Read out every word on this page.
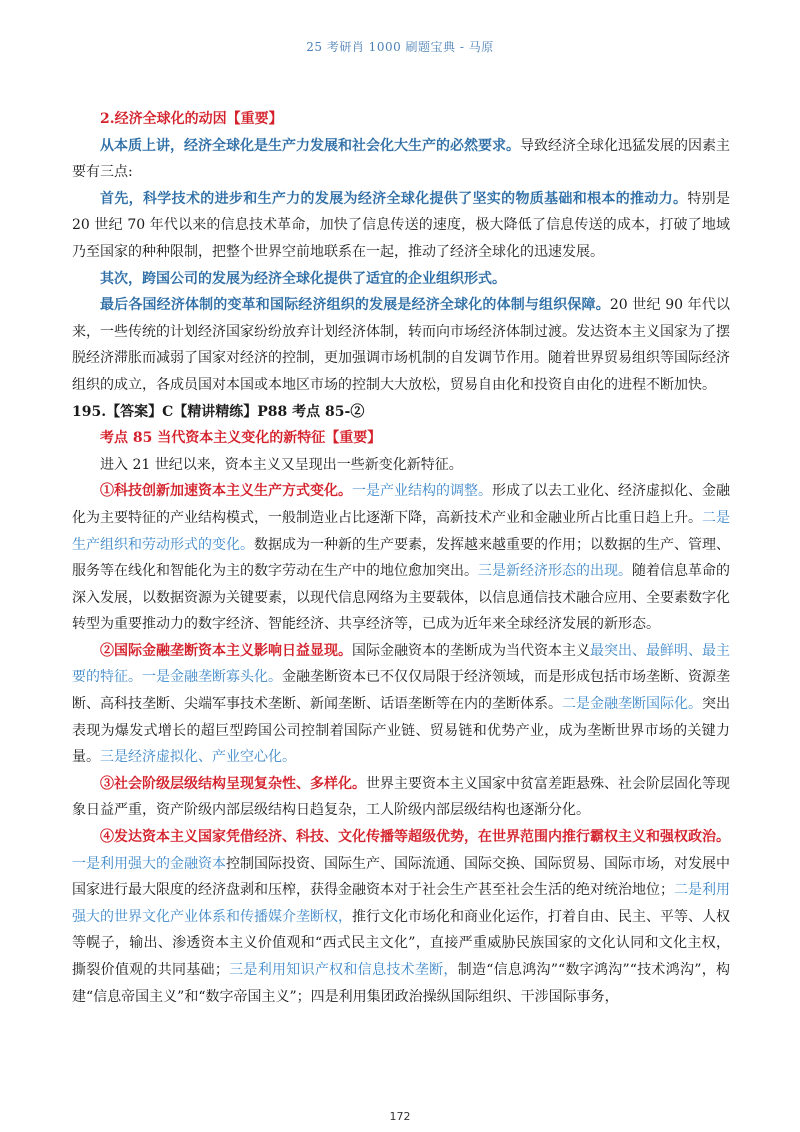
25 考研肖 1000 刷题宝典 - 马原

2.经济全球化的动因【重要】

从本质上讲，经济全球化是生产力发展和社会化大生产的必然要求。导致经济全球化迅猛发展的因素主要有三点:

首先，科学技术的进步和生产力的发展为经济全球化提供了坚实的物质基础和根本的推动力。特别是 20 世纪 70 年代以来的信息技术革命，加快了信息传送的速度，极大降低了信息传送的成本，打破了地域乃至国家的种种限制，把整个世界空前地联系在一起，推动了经济全球化的迅速发展。

其次，跨国公司的发展为经济全球化提供了适宜的企业组织形式。

最后各国经济体制的变革和国际经济组织的发展是经济全球化的体制与组织保障。20 世纪 90 年代以来，一些传统的计划经济国家纷纷放弃计划经济体制，转而向市场经济体制过渡。发达资本主义国家为了摆脱经济滞胀而减弱了国家对经济的控制，更加强调市场机制的自发调节作用。随着世界贸易组织等国际经济组织的成立，各成员国对本国或本地区市场的控制大大放松，贸易自由化和投资自由化的进程不断加快。

195.【答案】C【精讲精练】P88 考点 85-②

考点 85 当代资本主义变化的新特征【重要】

进入 21 世纪以来，资本主义又呈现出一些新变化新特征。

①科技创新加速资本主义生产方式变化。一是产业结构的调整。形成了以去工业化、经济虚拟化、金融化为主要特征的产业结构模式，一般制造业占比逐渐下降，高新技术产业和金融业所占比重日趋上升。二是生产组织和劳动形式的变化。数据成为一种新的生产要素，发挥越来越重要的作用；以数据的生产、管理、服务等在线化和智能化为主的数字劳动在生产中的地位愈加突出。三是新经济形态的出现。随着信息革命的深入发展，以数据资源为关键要素，以现代信息网络为主要载体，以信息通信技术融合应用、全要素数字化转型为重要推动力的数字经济、智能经济、共享经济等，已成为近年来全球经济发展的新形态。

②国际金融垄断资本主义影响日益显现。国际金融资本的垄断成为当代资本主义最突出、最鲜明、最主要的特征。一是金融垄断寡头化。金融垄断资本已不仅仅局限于经济领域，而是形成包括市场垄断、资源垄断、高科技垄断、尖端军事技术垄断、新闻垄断、话语垄断等在内的垄断体系。二是金融垄断国际化。突出表现为爆发式增长的超巨型跨国公司控制着国际产业链、贸易链和优势产业，成为垄断世界市场的关键力量。三是经济虚拟化、产业空心化。

③社会阶级层级结构呈现复杂性、多样化。世界主要资本主义国家中贫富差距悬殊、社会阶层固化等现象日益严重，资产阶级内部层级结构日趋复杂，工人阶级内部层级结构也逐渐分化。

④发达资本主义国家凭借经济、科技、文化传播等超级优势，在世界范围内推行霸权主义和强权政治。一是利用强大的金融资本控制国际投资、国际生产、国际流通、国际交换、国际贸易、国际市场，对发展中国家进行最大限度的经济盘剥和压榨，获得金融资本对于社会生产甚至社会生活的绝对统治地位；二是利用强大的世界文化产业体系和传播媒介垄断权，推行文化市场化和商业化运作，打着自由、民主、平等、人权等幌子，输出、渗透资本主义价值观和“西式民主文化”，直接严重威胁民族国家的文化认同和文化主权，撕裂价值观的共同基础；三是利用知识产权和信息技术垄断，制造“信息鸿沟”“数字鸿沟”“技术鸿沟”，构建“信息帝国主义”和“数字帝国主义”；四是利用集团政治操纵国际组织、干涉国际事务，

172
